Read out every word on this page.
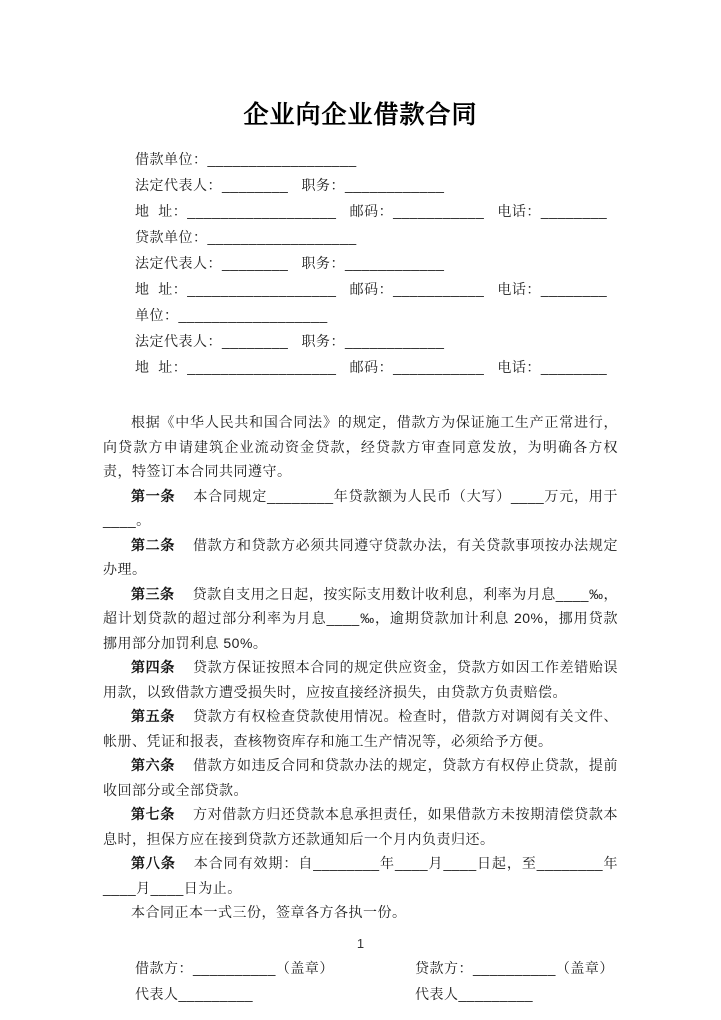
企业向企业借款合同
借款单位：__________________
法定代表人：________   职务：____________
地  址：__________________   邮码：___________   电话：________
贷款单位：__________________
法定代表人：________   职务：____________
地  址：__________________   邮码：___________   电话：________
单位：__________________
法定代表人：________   职务：____________
地  址：__________________   邮码：___________   电话：________

根据《中华人民共和国合同法》的规定，借款方为保证施工生产正常进行，向贷款方申请建筑企业流动资金贷款，经贷款方审查同意发放，为明确各方权责，特签订本合同共同遵守。

第一条 本合同规定________年贷款额为人民币（大写）____万元，用于____。

第二条 借款方和贷款方必须共同遵守贷款办法，有关贷款事项按办法规定办理。

第三条 贷款自支用之日起，按实际支用数计收利息，利率为月息____‰，超计划贷款的超过部分利率为月息____‰，逾期贷款加计利息 20%，挪用贷款挪用部分加罚利息 50%。

第四条 贷款方保证按照本合同的规定供应资金，贷款方如因工作差错贻误用款，以致借款方遭受损失时，应按直接经济损失，由贷款方负责赔偿。

第五条 贷款方有权检查贷款使用情况。检查时，借款方对调阅有关文件、帐册、凭证和报表，查核物资库存和施工生产情况等，必须给予方便。

第六条 借款方如违反合同和贷款办法的规定，贷款方有权停止贷款，提前收回部分或全部贷款。

第七条 方对借款方归还贷款本息承担责任，如果借款方未按期清偿贷款本息时，担保方应在接到贷款方还款通知后一个月内负责归还。

第八条 本合同有效期：自________年____月____日起，至________年____月____日为止。

本合同正本一式三份，签章各方各执一份。

借款方：__________（盖章）
代表人_________
贷款方：__________（盖章）
代表人_________
1
